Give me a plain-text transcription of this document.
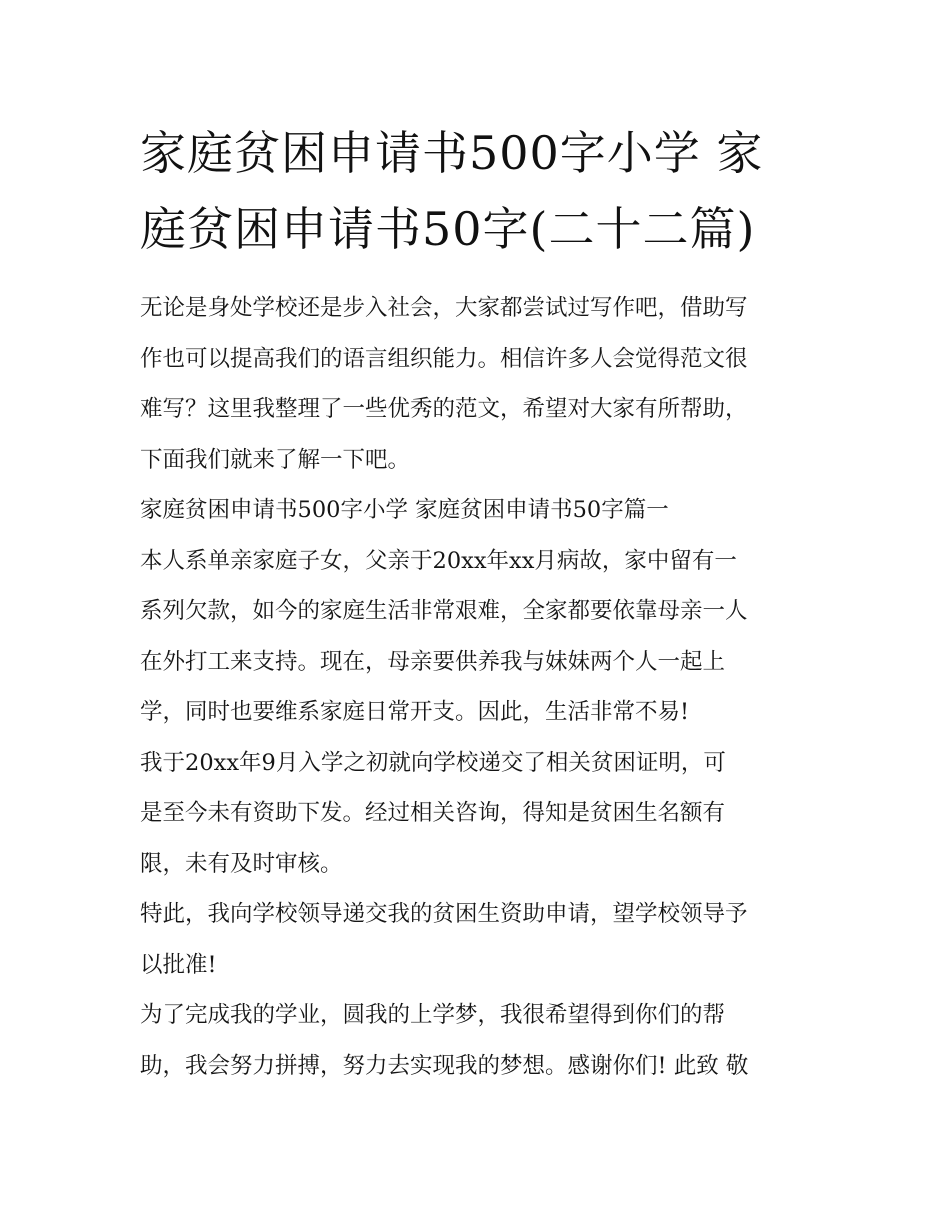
家庭贫困申请书500字小学 家
庭贫困申请书50字(二十二篇)
无论是身处学校还是步入社会，大家都尝试过写作吧，借助写
作也可以提高我们的语言组织能力。相信许多人会觉得范文很
难写？这里我整理了一些优秀的范文，希望对大家有所帮助，
下面我们就来了解一下吧。
家庭贫困申请书500字小学 家庭贫困申请书50字篇一
本人系单亲家庭子女，父亲于20xx年xx月病故，家中留有一
系列欠款，如今的家庭生活非常艰难，全家都要依靠母亲一人
在外打工来支持。现在，母亲要供养我与妹妹两个人一起上
学，同时也要维系家庭日常开支。因此，生活非常不易!
我于20xx年9月入学之初就向学校递交了相关贫困证明，可
是至今未有资助下发。经过相关咨询，得知是贫困生名额有
限，未有及时审核。
特此，我向学校领导递交我的贫困生资助申请，望学校领导予
以批准!
为了完成我的学业，圆我的上学梦，我很希望得到你们的帮
助，我会努力拼搏，努力去实现我的梦想。感谢你们! 此致 敬
